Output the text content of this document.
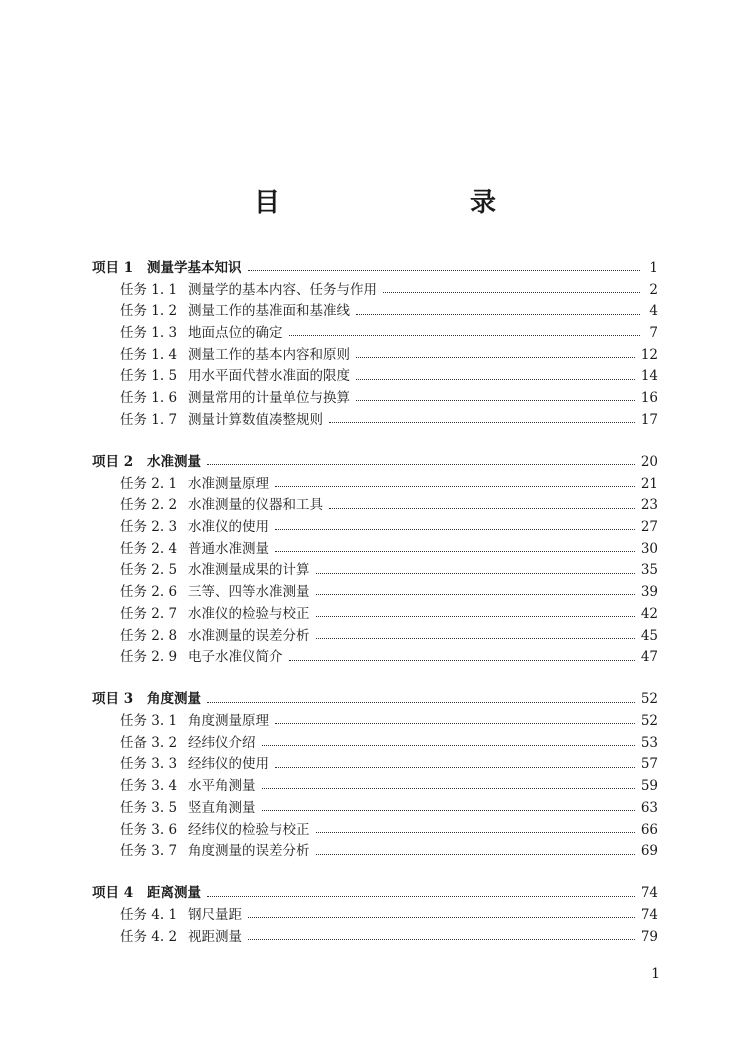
目　　录
项目 1	测量学基本知识	1
任务 1. 1 测量学的基本内容、任务与作用	2
任务 1. 2 测量工作的基准面和基准线	4
任务 1. 3 地面点位的确定	7
任务 1. 4 测量工作的基本内容和原则	12
任务 1. 5 用水平面代替水准面的限度	14
任务 1. 6 测量常用的计量单位与换算	16
任务 1. 7 测量计算数值凑整规则	17
项目 2	水准测量	20
任务 2. 1 水准测量原理	21
任务 2. 2 水准测量的仪器和工具	23
任务 2. 3 水准仪的使用	27
任务 2. 4 普通水准测量	30
任务 2. 5 水准测量成果的计算	35
任务 2. 6 三等、四等水准测量	39
任务 2. 7 水准仪的检验与校正	42
任务 2. 8 水准测量的误差分析	45
任务 2. 9 电子水准仪简介	47
项目 3	角度测量	52
任务 3. 1 角度测量原理	52
任备 3. 2 经纬仪介绍	53
任务 3. 3 经纬仪的使用	57
任务 3. 4 水平角测量	59
任务 3. 5 竖直角测量	63
任务 3. 6 经纬仪的检验与校正	66
任务 3. 7 角度测量的误差分析	69
项目 4	距离测量	74
任务 4. 1 钢尺量距	74
任务 4. 2 视距测量	79
1
